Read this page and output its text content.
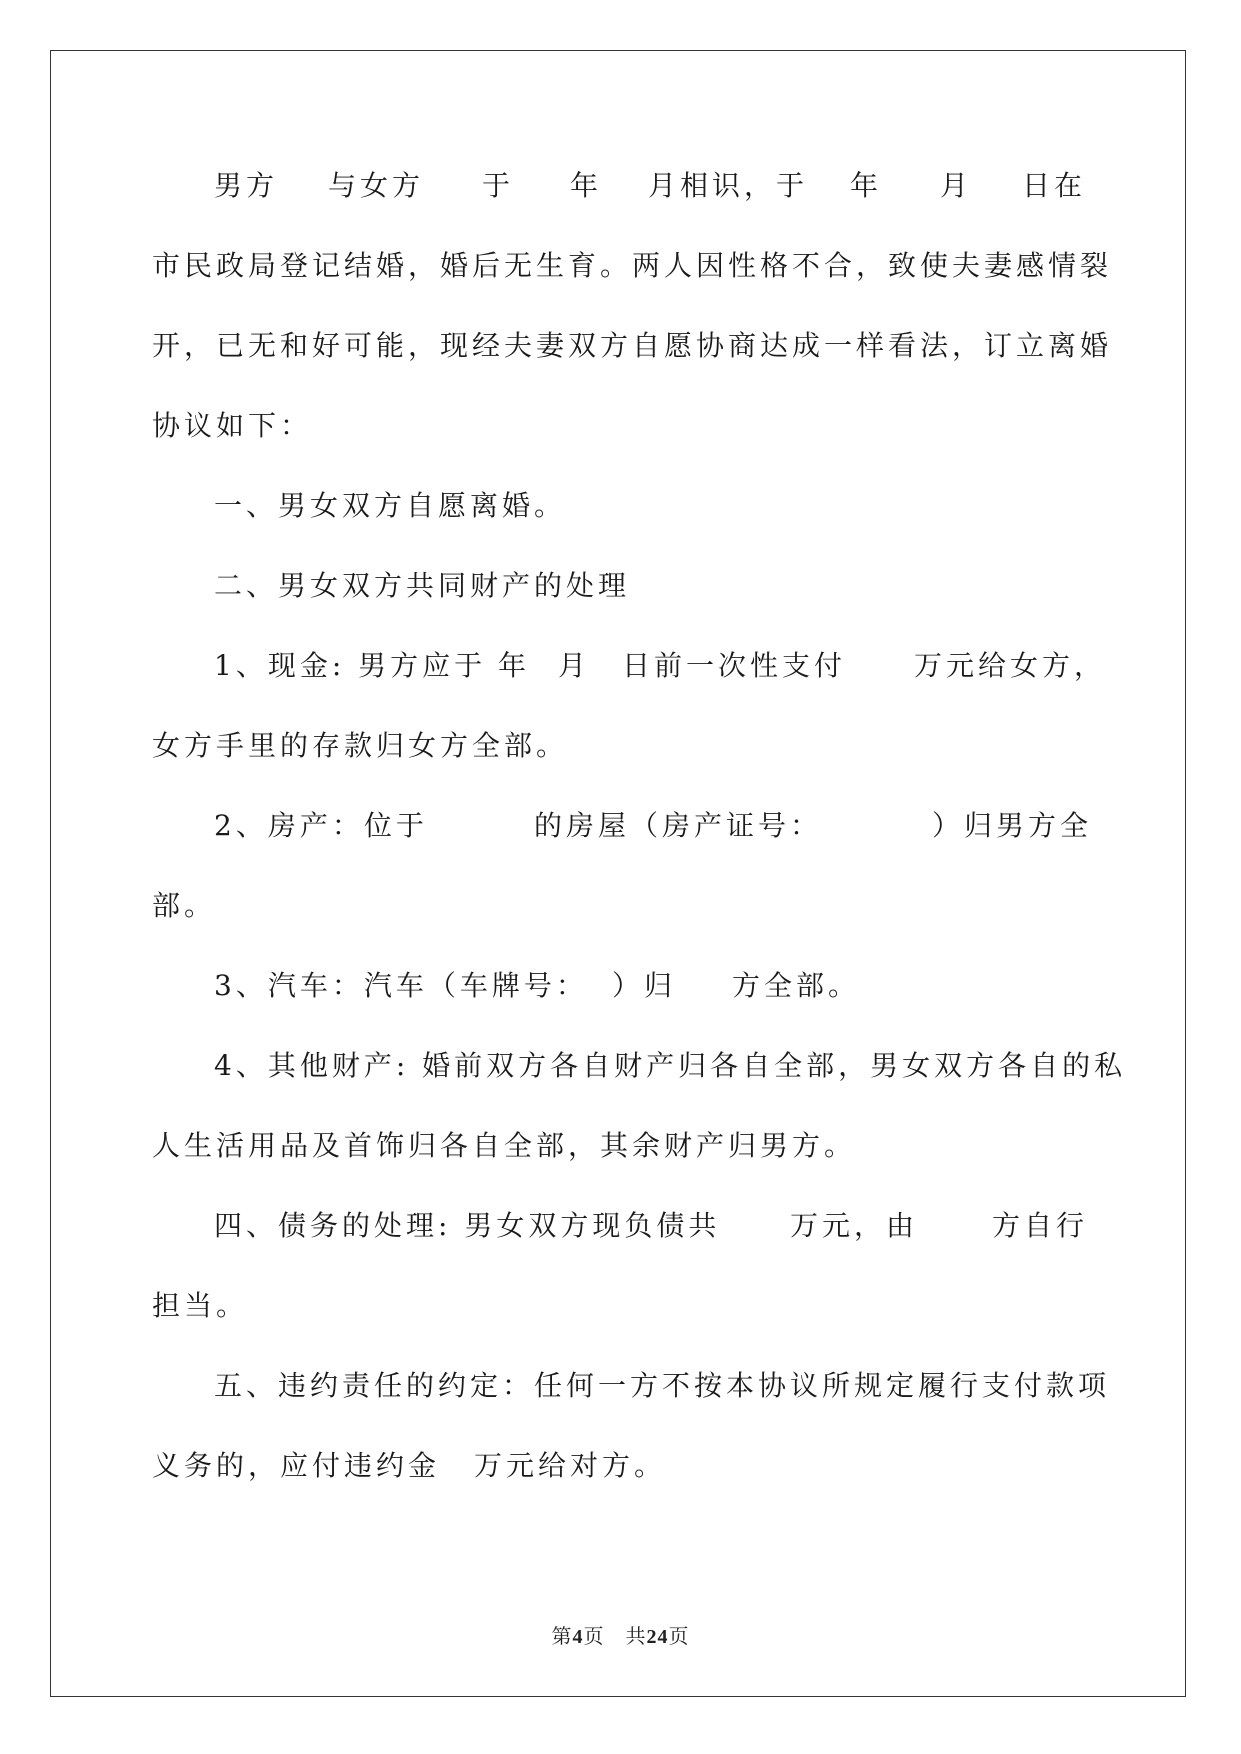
男方 与女方 于 年 月相识，于 年 月 日在
市民政局登记结婚，婚后无生育。两人因性格不合，致使夫妻感情裂
开，已无和好可能，现经夫妻双方自愿协商达成一样看法，订立离婚
协议如下：
一、男女双方自愿离婚。
二、男女双方共同财产的处理
1、现金: 男方应于 年 月 日前一次性支付 万元给女方，
女方手里的存款归女方全部。
2、房产：位于	的房屋（房产证号：	）归男方全
部。
3、汽车：汽车（车牌号： ）归 方全部。
4、其他财产: 婚前双方各自财产归各自全部，男女双方各自的私
人生活用品及首饰归各自全部，其余财产归男方。
四、债务的处理: 男女双方现负债共 万元，由	方自行
担当。
五、违约责任的约定：任何一方不按本协议所规定履行支付款项
义务的，应付违约金 万元给对方。
第4页　共24页
